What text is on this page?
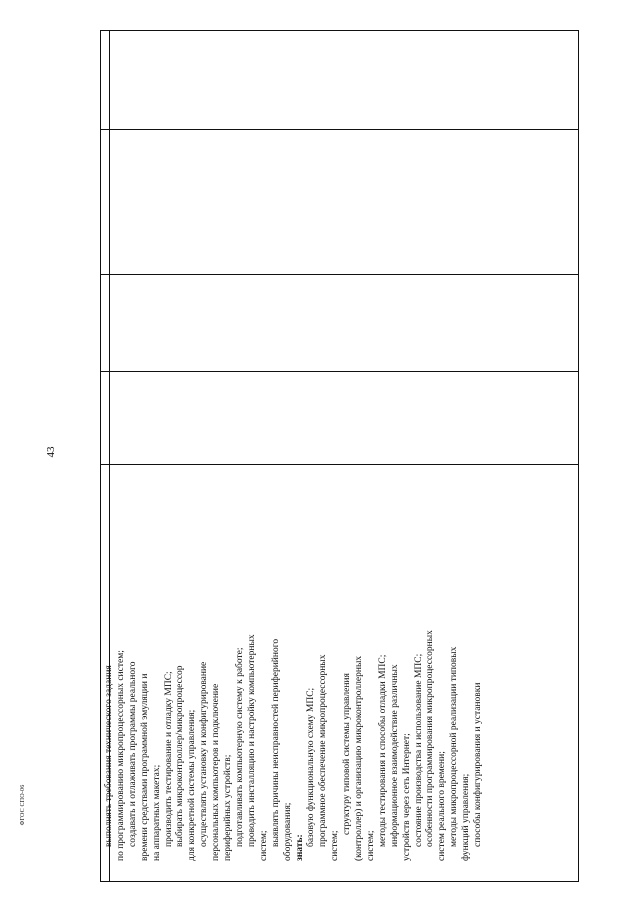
43
ФГОС СПО-06	выполнять требования технического задания по программированию микропроцессорных систем; создавать и отлаживать программы реального времени средствами программной эмуляции и на аппаратных макетах; производить тестирование и отладку МПС; выбирать микроконтроллер/микропроцессор для конкретной системы управления; осуществлять установку и конфигурирование персональных компьютеров и подключение периферийных устройств; подготавливать компьютерную систему к работе; проводить инсталляцию и настройку компьютерных систем; выявлять причины неисправностей периферийного оборудования; знать:
базовую функциональную схему МПС; программное обеспечение микропроцессорных систем;
структуру типовой системы управления (контроллер) и организацию микроконтроллерных систем; методы тестирования и способы отладки МПС; информационное взаимодействие различных устройств через сеть Интернет; состояние производства и использование МПС; особенности программирования микропроцессорных систем реального времени; методы микропроцессорной реализации типовых функций управления; способы конфигурирования и установки
